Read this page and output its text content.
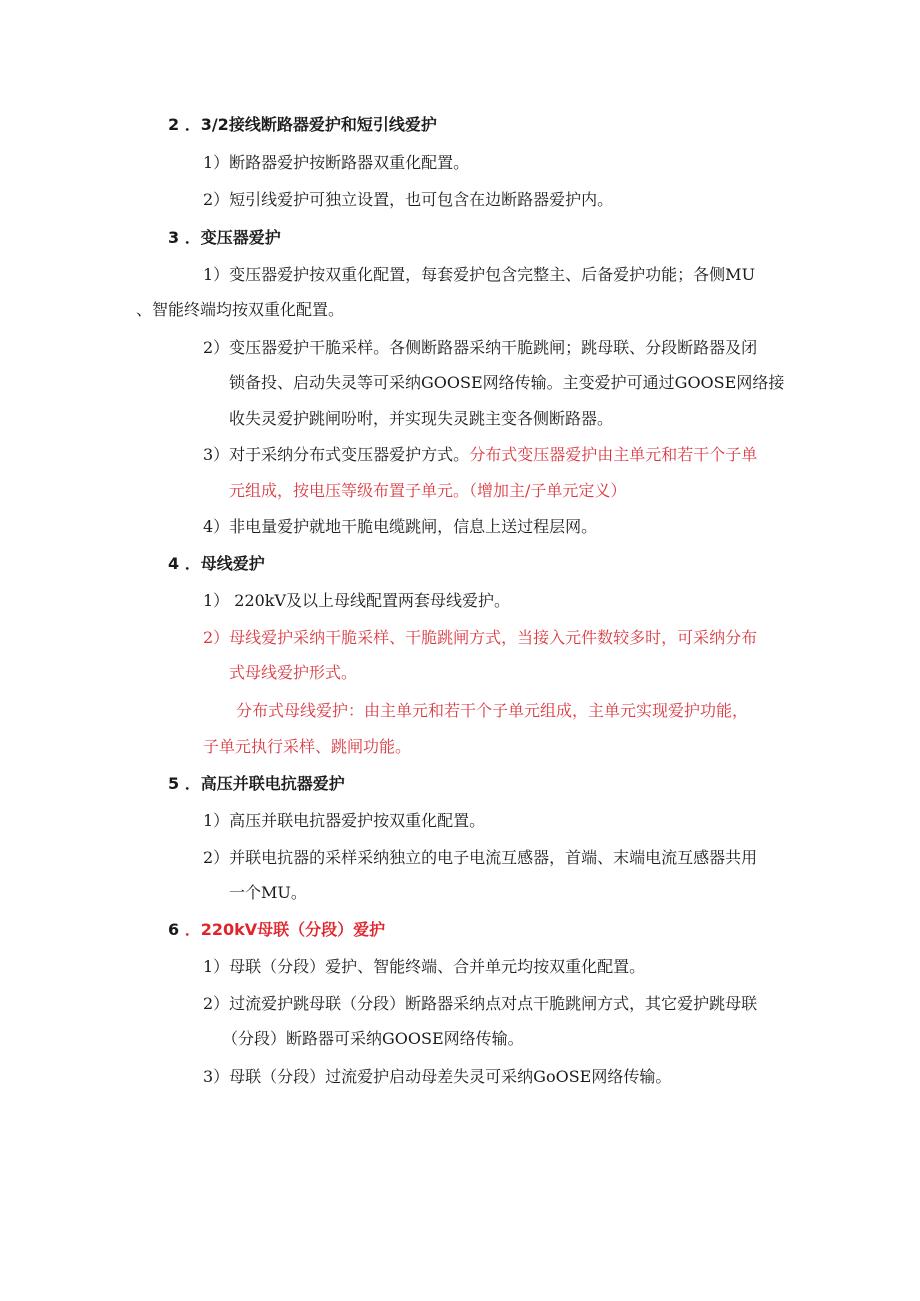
2 ．3/2接线断路器爱护和短引线爱护
1）断路器爱护按断路器双重化配置。
2）短引线爱护可独立设置，也可包含在边断路器爱护内。
3 ．变压器爱护
1）变压器爱护按双重化配置，每套爱护包含完整主、后备爱护功能；各侧MU
、智能终端均按双重化配置。
2）变压器爱护干脆采样。各侧断路器采纳干脆跳闸；跳母联、分段断路器及闭
锁备投、启动失灵等可采纳GOOSE网络传输。主变爱护可通过GOOSE网络接
收失灵爱护跳闸吩咐，并实现失灵跳主变各侧断路器。
3）对于采纳分布式变压器爱护方式。分布式变压器爱护由主单元和若干个子单
元组成，按电压等级布置子单元。（增加主/子单元定义）
4）非电量爱护就地干脆电缆跳闸，信息上送过程层网。
4 ．母线爱护
1） 220kV及以上母线配置两套母线爱护。
2）母线爱护采纳干脆采样、干脆跳闸方式，当接入元件数较多时，可采纳分布
式母线爱护形式。
分布式母线爱护：由主单元和若干个子单元组成，主单元实现爱护功能，
子单元执行采样、跳闸功能。
5 ．高压并联电抗器爱护
1）高压并联电抗器爱护按双重化配置。
2）并联电抗器的采样采纳独立的电子电流互感器，首端、末端电流互感器共用
一个MU。
6 ．220kV母联（分段）爱护
1）母联（分段）爱护、智能终端、合并单元均按双重化配置。
2）过流爱护跳母联（分段）断路器采纳点对点干脆跳闸方式，其它爱护跳母联
（分段）断路器可采纳GOOSE网络传输。
3）母联（分段）过流爱护启动母差失灵可采纳GoOSE网络传输。
